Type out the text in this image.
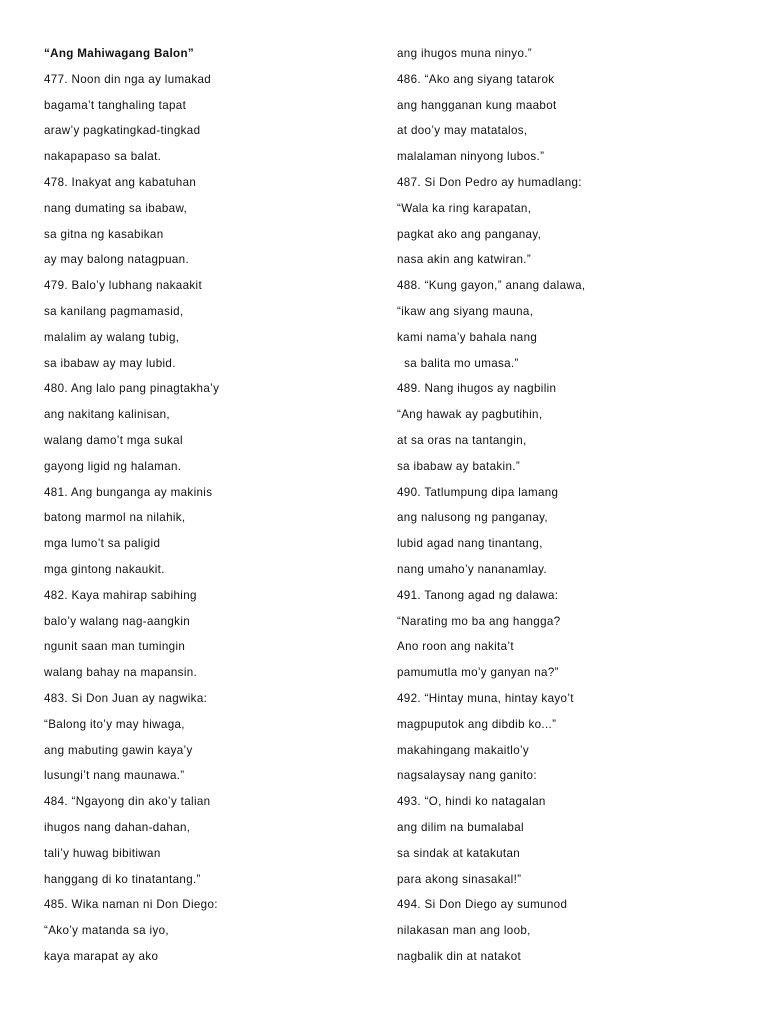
“Ang Mahiwagang Balon”
477. Noon din nga ay lumakad
bagama’t tanghaling tapat
araw’y pagkatingkad-tingkad
nakapapaso sa balat.
478. Inakyat ang kabatuhan
nang dumating sa ibabaw,
sa gitna ng kasabikan
ay may balong natagpuan.
479. Balo’y lubhang nakaakit
sa kanilang pagmamasid,
malalim ay walang tubig,
sa ibabaw ay may lubid.
480. Ang lalo pang pinagtakha’y
ang nakitang kalinisan,
walang damo’t mga sukal
gayong ligid ng halaman.
481. Ang bunganga ay makinis
batong marmol na nilahik,
mga lumo’t sa paligid
mga gintong nakaukit.
482. Kaya mahirap sabihing
balo’y walang nag-aangkin
ngunit saan man tumingin
walang bahay na mapansin.
483. Si Don Juan ay nagwika:
“Balong ito’y may hiwaga,
ang mabuting gawin kaya’y
lusungi’t nang maunawa.”
484. “Ngayong din ako’y talian
ihugos nang dahan-dahan,
tali’y huwag bibitiwan
hanggang di ko tinatantang.”
485. Wika naman ni Don Diego:
“Ako’y matanda sa iyo,
kaya marapat ay ako
ang ihugos muna ninyo.”
486. “Ako ang siyang tatarok
ang hangganan kung maabot
at doo’y may matatalos,
malalaman ninyong lubos.”
487. Si Don Pedro ay humadlang:
“Wala ka ring karapatan,
pagkat ako ang panganay,
nasa akin ang katwiran.”
488. “Kung gayon,” anang dalawa,
“ikaw ang siyang mauna,
kami nama’y bahala nang
sa balita mo umasa.”
489. Nang ihugos ay nagbilin
“Ang hawak ay pagbutihin,
at sa oras na tantangin,
sa ibabaw ay batakin.”
490. Tatlumpung dipa lamang
ang nalusong ng panganay,
lubid agad nang tinantang,
nang umaho’y nananamlay.
491. Tanong agad ng dalawa:
“Narating mo ba ang hangga?
Ano roon ang nakita’t
pamumutla mo’y ganyan na?”
492. “Hintay muna, hintay kayo’t
magpuputok ang dibdib ko...”
makahingang makaitlo’y
nagsalaysay nang ganito:
493. “O, hindi ko natagalan
ang dilim na bumalabal
sa sindak at katakutan
para akong sinasakal!”
494. Si Don Diego ay sumunod
nilakasan man ang loob,
nagbalik din at natakot
